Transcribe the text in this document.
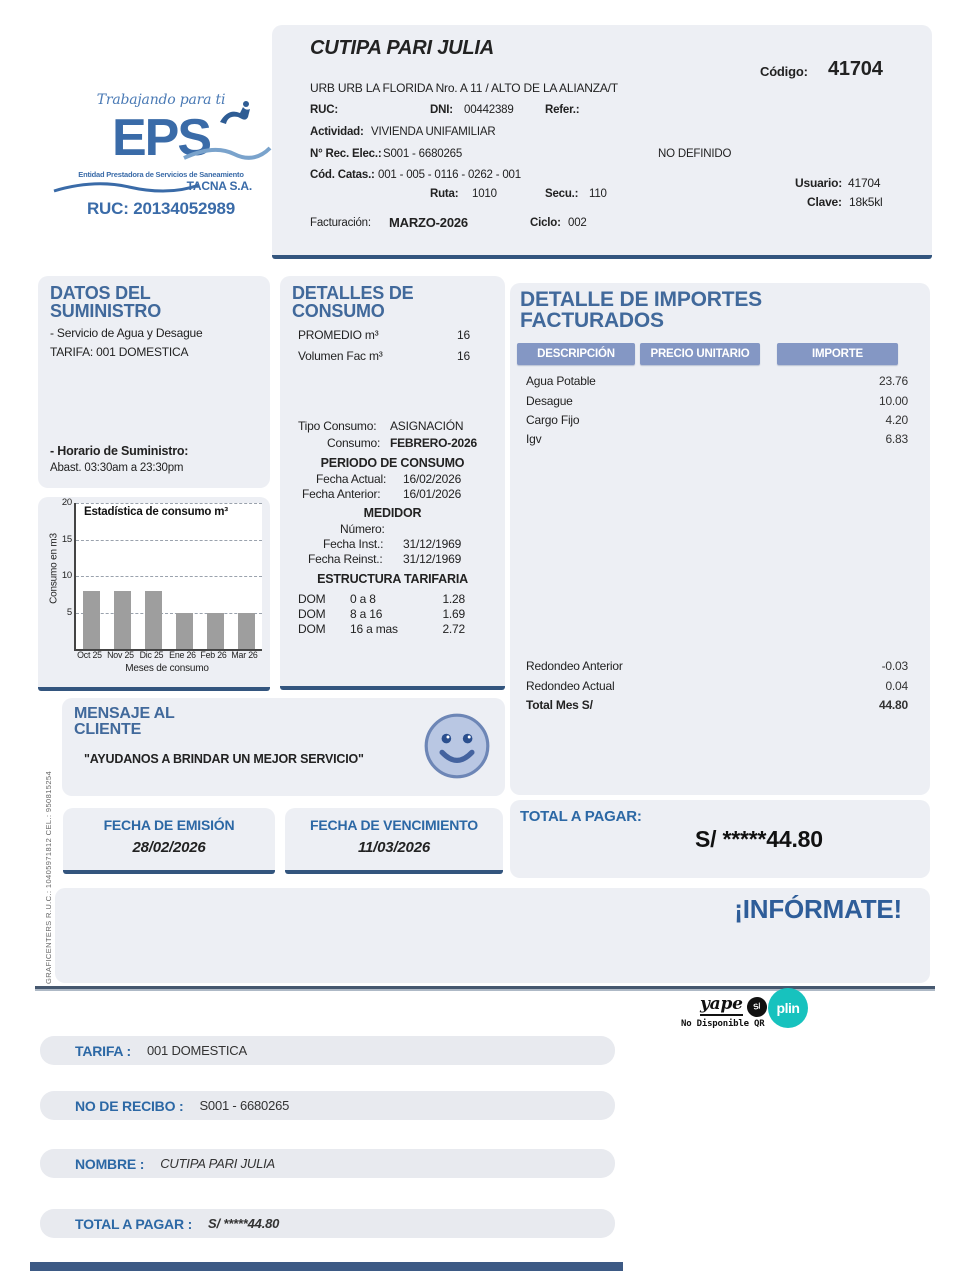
Trabajando para ti
EPS
Entidad Prestadora de Servicios de Saneamiento
TACNA S.A.
RUC: 20134052989
CUTIPA PARI JULIA
Código: 41704
URB URB LA FLORIDA Nro. A 11 / ALTO DE LA ALIANZA/T
RUC:	DNI: 00442389	Refer.:
Actividad: VIVIENDA UNIFAMILIAR
N° Rec. Elec.: S001 - 6680265	NO DEFINIDO
Cód. Catas.: 001 - 005 - 0116 - 0262 - 001
Usuario: 41704
Ruta: 1010	Secu.: 110
Clave: 18k5kl
Facturación: MARZO-2026	Ciclo: 002
DATOS DEL SUMINISTRO
- Servicio de Agua y Desague
TARIFA: 001 DOMESTICA
- Horario de Suministro:
Abast. 03:30am a 23:30pm
Consumo en m3
Estadística de consumo m³
5
10
15
20
Oct 25 Nov 25 Dic 25 Ene 26 Feb 26 Mar 26
Meses de consumo
DETALLES DE CONSUMO
PROMEDIO m³	16
Volumen Fac m³	16
Tipo Consumo: ASIGNACIÓN
Consumo: FEBRERO-2026
PERIODO DE CONSUMO
Fecha Actual: 16/02/2026
Fecha Anterior: 16/01/2026
MEDIDOR
Número:
Fecha Inst.: 31/12/1969
Fecha Reinst.: 31/12/1969
ESTRUCTURA TARIFARIA
DOM 0 a 8	1.28
DOM 8 a 16	1.69
DOM 16 a mas	2.72
DETALLE DE IMPORTES FACTURADOS
DESCRIPCIÓN	PRECIO UNITARIO	IMPORTE
Agua Potable	23.76
Desague	10.00
Cargo Fijo	4.20
Igv	6.83
Redondeo Anterior	-0.03
Redondeo Actual	0.04
Total Mes S/	44.80
MENSAJE AL CLIENTE
"AYUDANOS A BRINDAR UN MEJOR SERVICIO"
FECHA DE EMISIÓN
28/02/2026
FECHA DE VENCIMIENTO
11/03/2026
TOTAL A PAGAR:
S/ *****44.80
¡INFÓRMATE!
yape S/	plin
No Disponible QR
GRAFICENTERS R.U.C.: 10405971812 CEL.: 950815254
TARIFA : 001 DOMESTICA
NO DE RECIBO : S001 - 6680265
NOMBRE : CUTIPA PARI JULIA
TOTAL A PAGAR : S/ *****44.80
